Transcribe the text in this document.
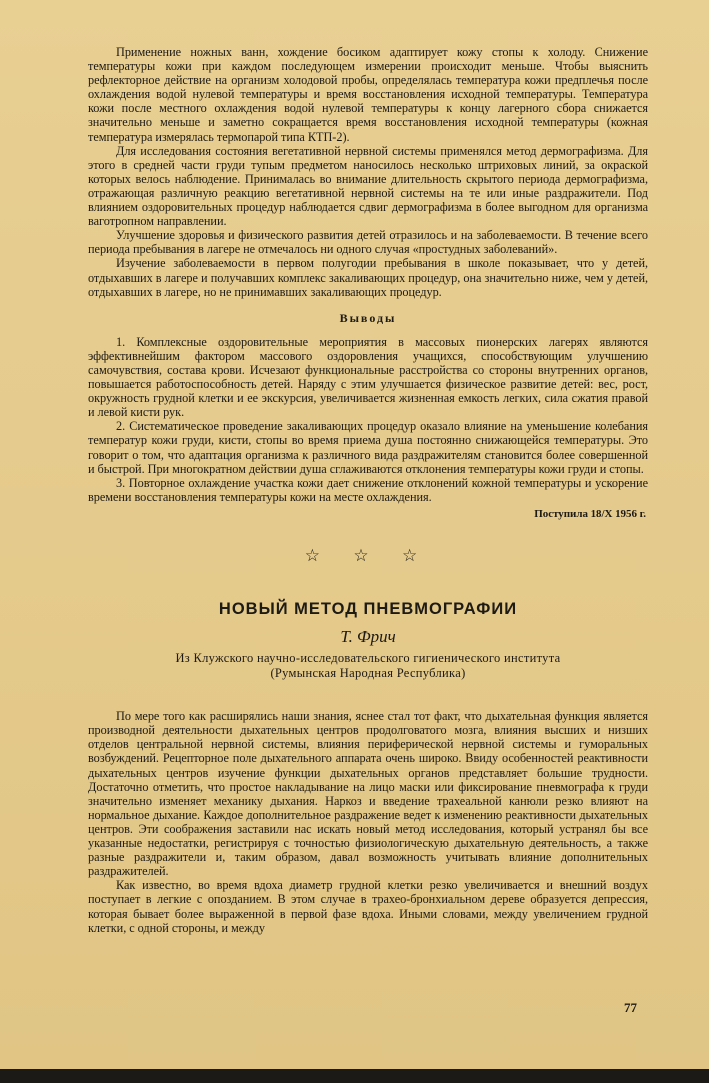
Применение ножных ванн, хождение босиком адаптирует кожу стопы к холоду. Снижение температуры кожи при каждом последующем измерении происходит меньше. Чтобы выяснить рефлекторное действие на организм холодовой пробы, определялась температура кожи предплечья после охлаждения водой нулевой температуры и время восстановления исходной температуры. Температура кожи после местного охлаждения водой нулевой температуры к концу лагерного сбора снижается значительно меньше и заметно сокращается время восстановления исходной температуры (кожная температура измерялась термопарой типа КТП-2).

Для исследования состояния вегетативной нервной системы применялся метод дермографизма. Для этого в средней части груди тупым предметом наносилось несколько штриховых линий, за окраской которых велось наблюдение. Принималась во внимание длительность скрытого периода дермографизма, отражающая различную реакцию вегетативной нервной системы на те или иные раздражители. Под влиянием оздоровительных процедур наблюдается сдвиг дермографизма в более выгодном для организма ваготропном направлении.

Улучшение здоровья и физического развития детей отразилось и на заболеваемости. В течение всего периода пребывания в лагере не отмечалось ни одного случая «простудных заболеваний».

Изучение заболеваемости в первом полугодии пребывания в школе показывает, что у детей, отдыхавших в лагере и получавших комплекс закаливающих процедур, она значительно ниже, чем у детей, отдыхавших в лагере, но не принимавших закаливающих процедур.

Выводы

1. Комплексные оздоровительные мероприятия в массовых пионерских лагерях являются эффективнейшим фактором массового оздоровления учащихся, способствующим улучшению самочувствия, состава крови. Исчезают функциональные расстройства со стороны внутренних органов, повышается работоспособность детей. Наряду с этим улучшается физическое развитие детей: вес, рост, окружность грудной клетки и ее экскурсия, увеличивается жизненная емкость легких, сила сжатия правой и левой кисти рук.

2. Систематическое проведение закаливающих процедур оказало влияние на уменьшение колебания температур кожи груди, кисти, стопы во время приема душа постоянно снижающейся температуры. Это говорит о том, что адаптация организма к различного вида раздражителям становится более совершенной и быстрой. При многократном действии душа сглаживаются отклонения температуры кожи груди и стопы.

3. Повторное охлаждение участка кожи дает снижение отклонений кожной температуры и ускорение времени восстановления температуры кожи на месте охлаждения.

Поступила 18/X 1956 г.
☆ ☆ ☆
НОВЫЙ МЕТОД ПНЕВМОГРАФИИ
Т. Фрич
Из Клужского научно-исследовательского гигиенического института
(Румынская Народная Республика)

По мере того как расширялись наши знания, яснее стал тот факт, что дыхательная функция является производной деятельности дыхательных центров продолговатого мозга, влияния высших и низших отделов центральной нервной системы, влияния периферической нервной системы и гуморальных возбуждений. Рецепторное поле дыхательного аппарата очень широко. Ввиду особенностей реактивности дыхательных центров изучение функции дыхательных органов представляет большие трудности. Достаточно отметить, что простое накладывание на лицо маски или фиксирование пневмографа к груди значительно изменяет механику дыхания. Наркоз и введение трахеальной канюли резко влияют на нормальное дыхание. Каждое дополнительное раздражение ведет к изменению реактивности дыхательных центров. Эти соображения заставили нас искать новый метод исследования, который устранял бы все указанные недостатки, регистрируя с точностью физиологическую дыхательную деятельность, а также разные раздражители и, таким образом, давал возможность учитывать влияние дополнительных раздражителей.

Как известно, во время вдоха диаметр грудной клетки резко увеличивается и внешний воздух поступает в легкие с опозданием. В этом случае в трахео-бронхиальном дереве образуется депрессия, которая бывает более выраженной в первой фазе вдоха. Иными словами, между увеличением грудной клетки, с одной стороны, и между

77
